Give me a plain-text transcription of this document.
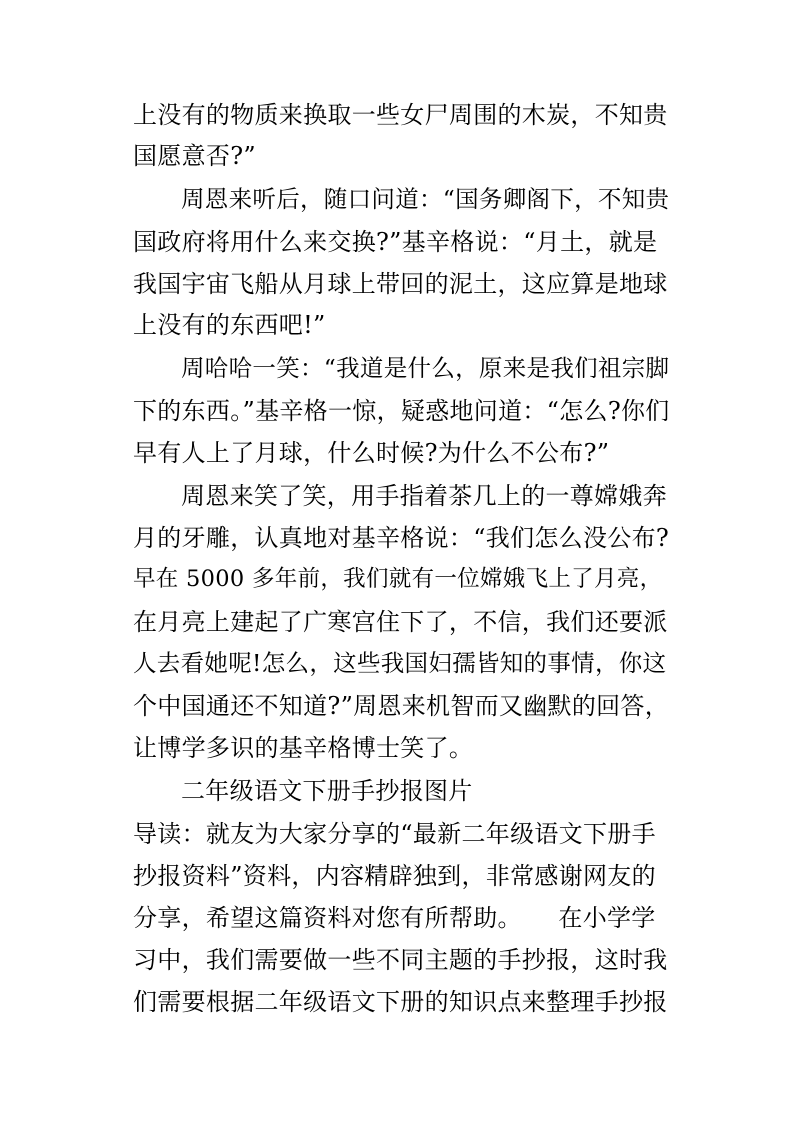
上没有的物质来换取一些女尸周围的木炭，不知贵
国愿意否?”
周恩来听后，随口问道：“国务卿阁下，不知贵
国政府将用什么来交换?”基辛格说：“月土，就是
我国宇宙飞船从月球上带回的泥土，这应算是地球
上没有的东西吧!”
周哈哈一笑：“我道是什么，原来是我们祖宗脚
下的东西。”基辛格一惊，疑惑地问道：“怎么?你们
早有人上了月球，什么时候?为什么不公布?”
周恩来笑了笑，用手指着茶几上的一尊嫦娥奔
月的牙雕，认真地对基辛格说：“我们怎么没公布?
早在 5000 多年前，我们就有一位嫦娥飞上了月亮，
在月亮上建起了广寒宫住下了，不信，我们还要派
人去看她呢!怎么，这些我国妇孺皆知的事情，你这
个中国通还不知道?”周恩来机智而又幽默的回答，
让博学多识的基辛格博士笑了。
二年级语文下册手抄报图片
导读：就友为大家分享的“最新二年级语文下册手
抄报资料”资料，内容精辟独到，非常感谢网友的
分享，希望这篇资料对您有所帮助。　　在小学学
习中，我们需要做一些不同主题的手抄报，这时我
们需要根据二年级语文下册的知识点来整理手抄报
